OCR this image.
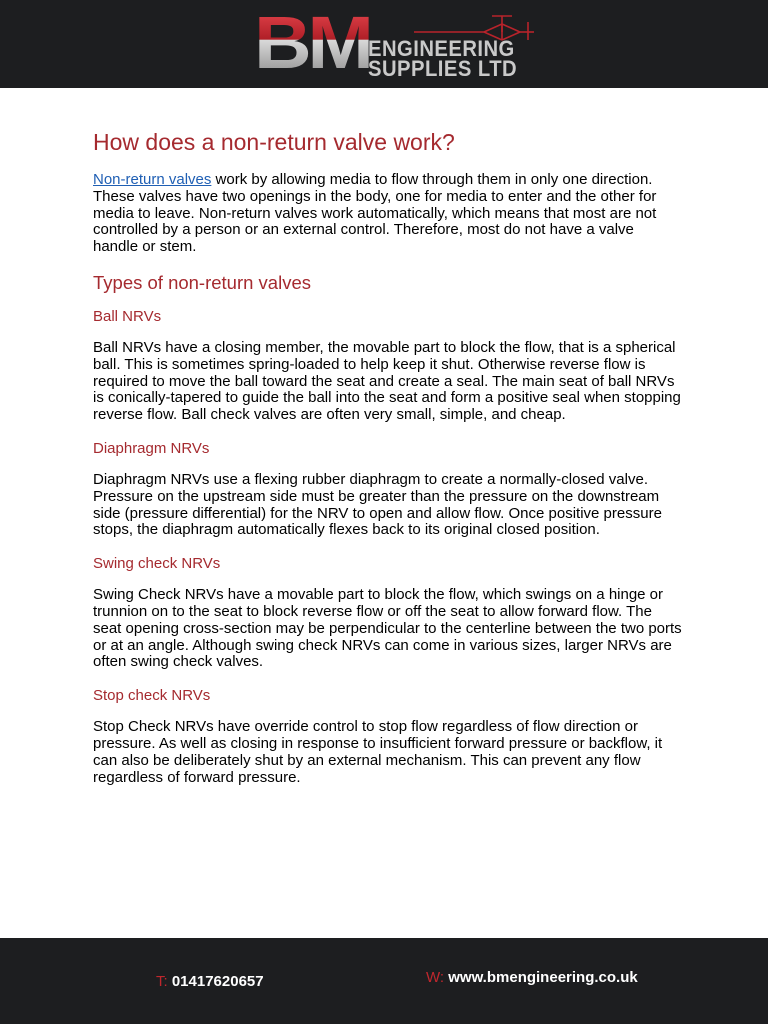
BM
ENGINEERING
SUPPLIES LTD
How does a non-return valve work?

Non-return valves work by allowing media to flow through them in only one direction. These valves have two openings in the body, one for media to enter and the other for media to leave. Non-return valves work automatically, which means that most are not controlled by a person or an external control. Therefore, most do not have a valve handle or stem.

Types of non-return valves
Ball NRVs

Ball NRVs have a closing member, the movable part to block the flow, that is a spherical ball. This is sometimes spring-loaded to help keep it shut. Otherwise reverse flow is required to move the ball toward the seat and create a seal. The main seat of ball NRVs is conically-tapered to guide the ball into the seat and form a positive seal when stopping reverse flow. Ball check valves are often very small, simple, and cheap.

Diaphragm NRVs

Diaphragm NRVs use a flexing rubber diaphragm to create a normally-closed valve. Pressure on the upstream side must be greater than the pressure on the downstream side (pressure differential) for the NRV to open and allow flow. Once positive pressure stops, the diaphragm automatically flexes back to its original closed position.

Swing check NRVs

Swing Check NRVs have a movable part to block the flow, which swings on a hinge or trunnion on to the seat to block reverse flow or off the seat to allow forward flow. The seat opening cross-section may be perpendicular to the centerline between the two ports or at an angle. Although swing check NRVs can come in various sizes, larger NRVs are often swing check valves.

Stop check NRVs

Stop Check NRVs have override control to stop flow regardless of flow direction or pressure. As well as closing in response to insufficient forward pressure or backflow, it can also be deliberately shut by an external mechanism. This can prevent any flow regardless of forward pressure.

T: 01417620657	W: www.bmengineering.co.uk
